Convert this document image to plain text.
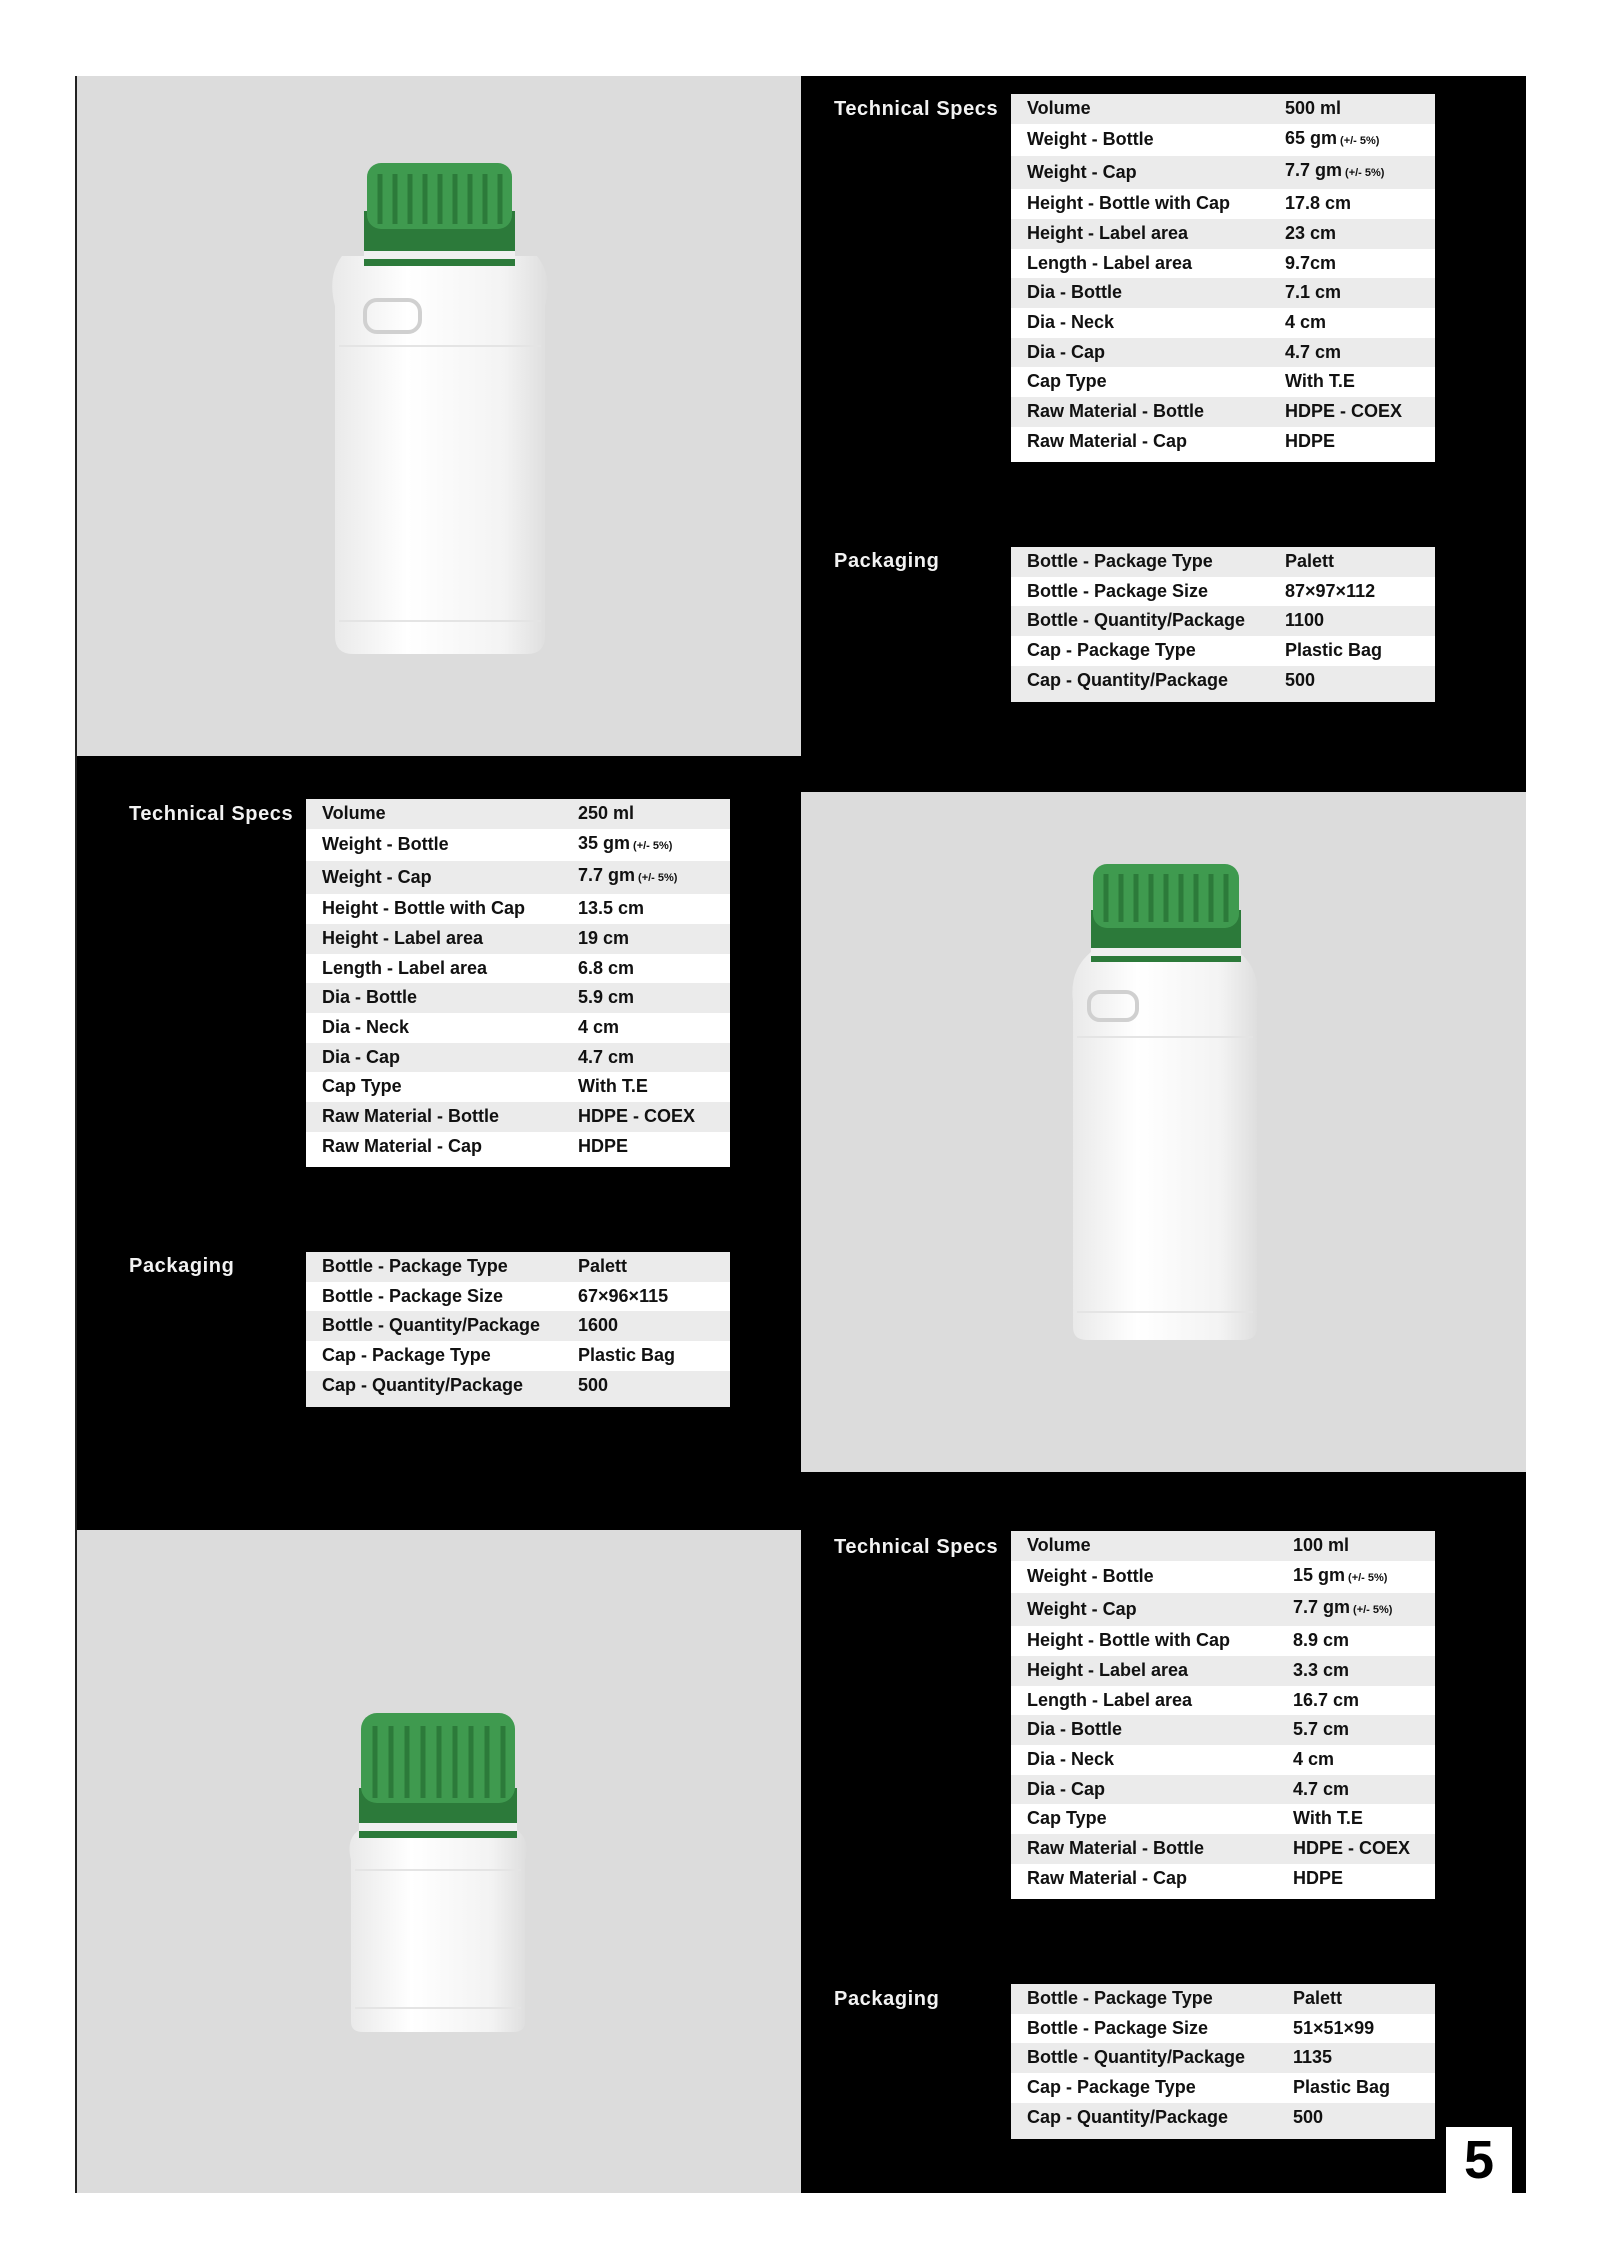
Technical Specs Volume	500 ml
Weight - Bottle	65 gm (+/- 5%)
Weight - Cap	7.7 gm (+/- 5%)
Height - Bottle with Cap	17.8 cm
Height - Label area	23 cm
Length - Label area	9.7cm
Dia - Bottle	7.1 cm
Dia - Neck	4 cm
Dia - Cap	4.7 cm
Cap Type	With T.E
Raw Material - Bottle	HDPE - COEX
Raw Material - Cap	HDPE
Packaging	Bottle - Package Type	Palett
Bottle - Package Size	87×97×112
Bottle - Quantity/Package	1100
Cap - Package Type	Plastic Bag
Cap - Quantity/Package	500
Technical Specs Volume	250 ml
Weight - Bottle	35 gm (+/- 5%)
Weight - Cap	7.7 gm (+/- 5%)
Height - Bottle with Cap	13.5 cm
Height - Label area	19 cm
Length - Label area	6.8 cm
Dia - Bottle	5.9 cm
Dia - Neck	4 cm
Dia - Cap	4.7 cm
Cap Type	With T.E
Raw Material - Bottle	HDPE - COEX
Raw Material - Cap	HDPE
Packaging	Bottle - Package Type	Palett
Bottle - Package Size	67×96×115
Bottle - Quantity/Package	1600
Cap - Package Type	Plastic Bag
Cap - Quantity/Package	500
Technical Specs Volume	100 ml
Weight - Bottle	15 gm (+/- 5%)
Weight - Cap	7.7 gm (+/- 5%)
Height - Bottle with Cap	8.9 cm
Height - Label area	3.3 cm
Length - Label area	16.7 cm
Dia - Bottle	5.7 cm
Dia - Neck	4 cm
Dia - Cap	4.7 cm
Cap Type	With T.E
Raw Material - Bottle	HDPE - COEX
Raw Material - Cap	HDPE
Packaging	Bottle - Package Type	Palett
Bottle - Package Size	51×51×99
Bottle - Quantity/Package	1135
Cap - Package Type	Plastic Bag
Cap - Quantity/Package	500
5
